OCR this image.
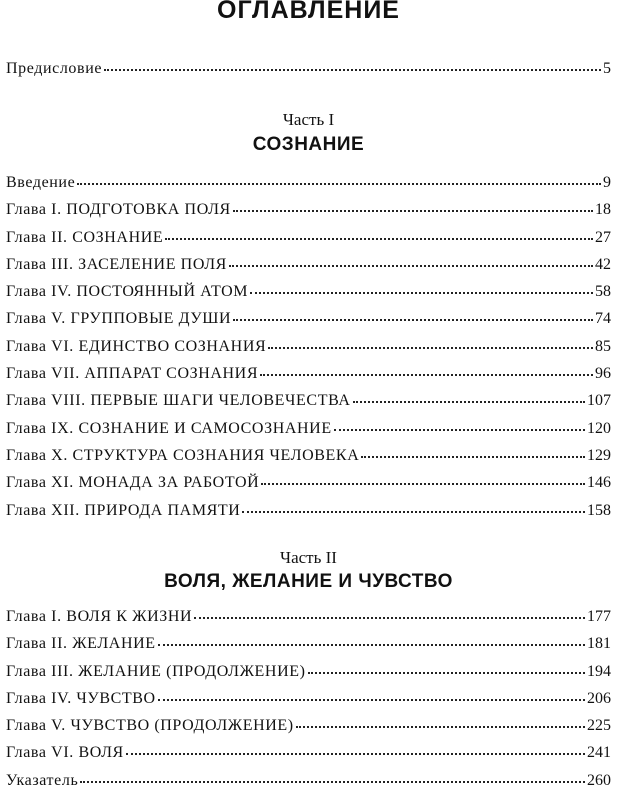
ОГЛАВЛЕНИЕ
Предисловие	5
Часть I
СОЗНАНИЕ
Введение	9
Глава I. ПОДГОТОВКА ПОЛЯ	18
Глава II. СОЗНАНИЕ	27
Глава III. ЗАСЕЛЕНИЕ ПОЛЯ	42
Глава IV. ПОСТОЯННЫЙ АТОМ	58
Глава V. ГРУППОВЫЕ ДУШИ	74
Глава VI. ЕДИНСТВО СОЗНАНИЯ	85
Глава VII. АППАРАТ СОЗНАНИЯ	96
Глава VIII. ПЕРВЫЕ ШАГИ ЧЕЛОВЕЧЕСТВА	107
Глава IX. СОЗНАНИЕ И САМОСОЗНАНИЕ	120
Глава X. СТРУКТУРА СОЗНАНИЯ ЧЕЛОВЕКА	129
Глава XI. МОНАДА ЗА РАБОТОЙ	146
Глава XII. ПРИРОДА ПАМЯТИ	158
Часть II
ВОЛЯ, ЖЕЛАНИЕ И ЧУВСТВО
Глава I. ВОЛЯ К ЖИЗНИ	177
Глава II. ЖЕЛАНИЕ	181
Глава III. ЖЕЛАНИЕ (ПРОДОЛЖЕНИЕ)	194
Глава IV. ЧУВСТВО	206
Глава V. ЧУВСТВО (ПРОДОЛЖЕНИЕ)	225
Глава VI. ВОЛЯ	241
Указатель	260
